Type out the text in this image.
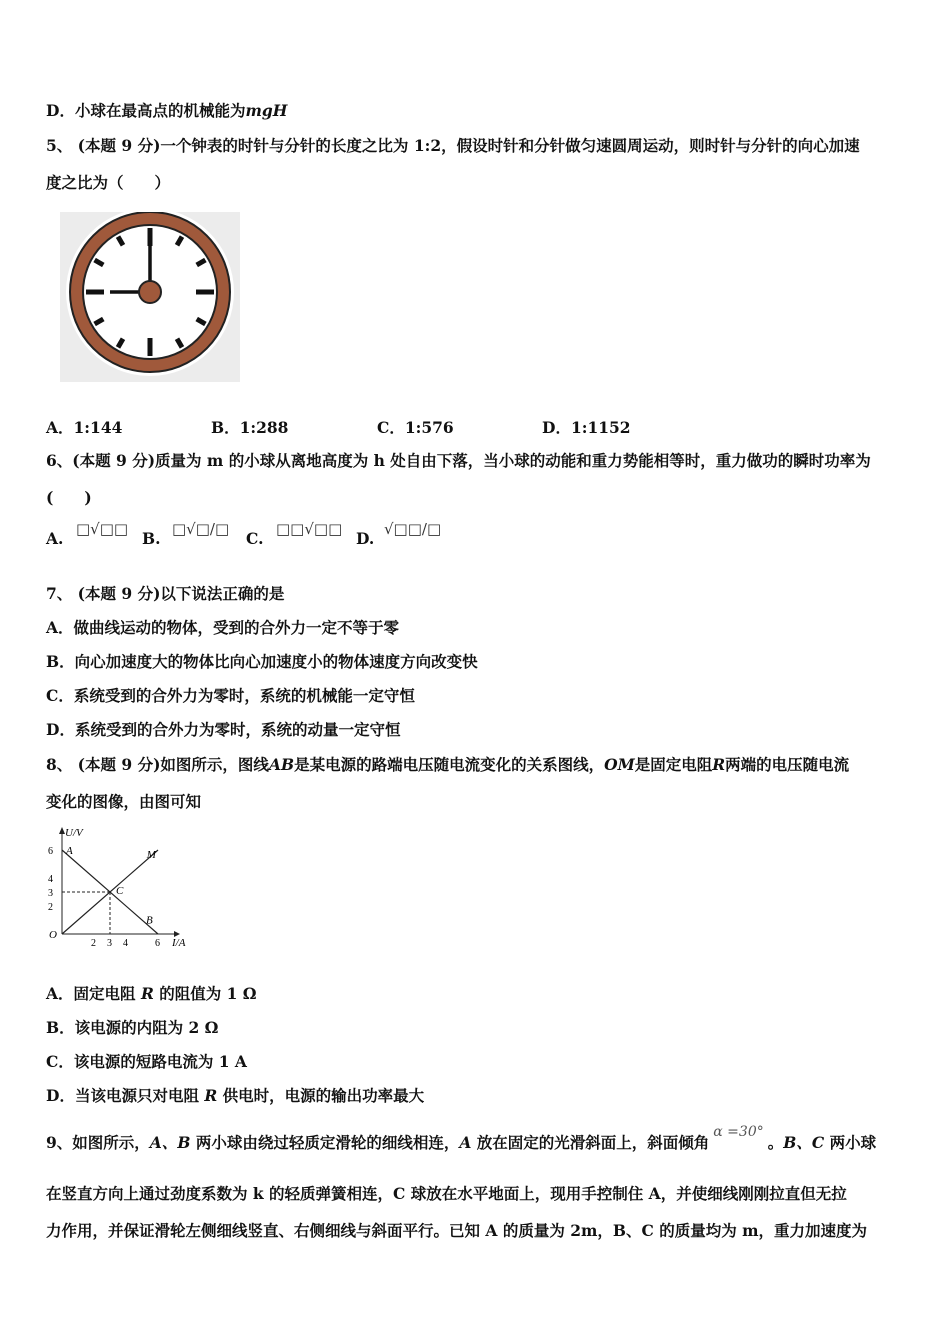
D．小球在最高点的机械能为mgH
5、 (本题 9 分)一个钟表的时针与分针的长度之比为 1:2，假设时针和分针做匀速圆周运动，则时针与分针的向心加速
度之比为（　　）
A．1:144	B．1:288	C．1:576	D．1:1152
6、(本题 9 分)质量为 m 的小球从离地高度为 h 处自由下落，当小球的动能和重力势能相等时，重力做功的瞬时功率为
(　　)
A.	B.	C.	D.
□√□□	□√□/□	□□√□□	√□□/□
7、 (本题 9 分)以下说法正确的是
A．做曲线运动的物体，受到的合外力一定不等于零
B．向心加速度大的物体比向心加速度小的物体速度方向改变快
C．系统受到的合外力为零时，系统的机械能一定守恒
D．系统受到的合外力为零时，系统的动量一定守恒
8、 (本题 9 分)如图所示，图线AB是某电源的路端电压随电流变化的关系图线，OM是固定电阻R两端的电压随电流
变化的图像，由图可知
U/V
I/A
O
2 3 4	6
6
4
3
2
A
B
C
M
A．固定电阻 R 的阻值为 1 Ω
B．该电源的内阻为 2 Ω
C．该电源的短路电流为 1 A
D．当该电源只对电阻 R 供电时，电源的输出功率最大
9、如图所示，A、B 两小球由绕过轻质定滑轮的细线相连，A 放在固定的光滑斜面上，斜面倾角α =30°。B、C 两小球
在竖直方向上通过劲度系数为 k 的轻质弹簧相连，C 球放在水平地面上，现用手控制住 A，并使细线刚刚拉直但无拉
力作用，并保证滑轮左侧细线竖直、右侧细线与斜面平行。已知 A 的质量为 2m，B、C 的质量均为 m，重力加速度为
